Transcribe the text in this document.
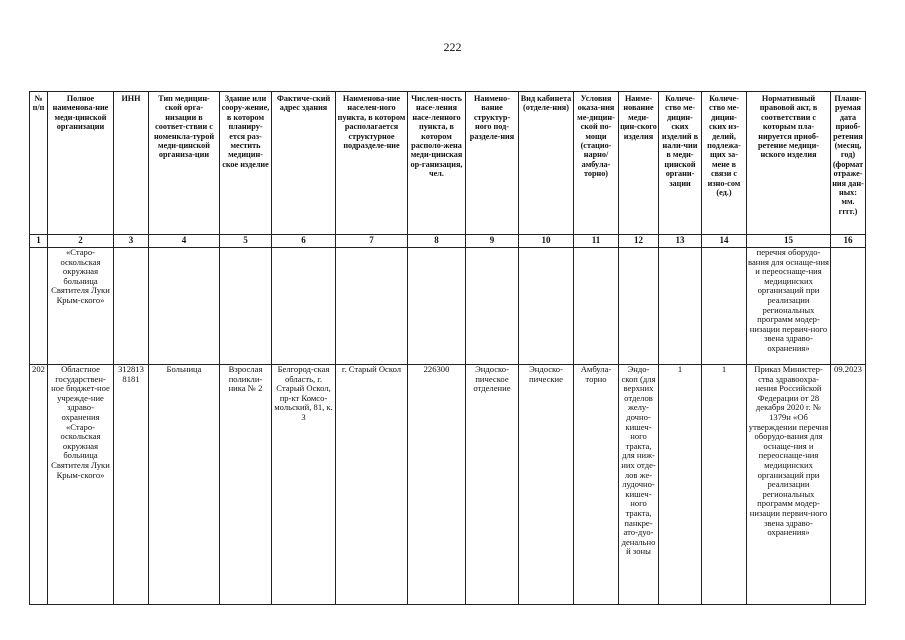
222
№ п/п	Полное наименова-ние меди-цинской организации	ИНН	Тип медицин-ской орга-низации в соответ-ствии с номенкла-турой меди-цинской организа-ции	Здание или соору-жение, в котором планиру-ется раз-местить медицин-ское изделие	Фактиче-ский адрес здания	Наименова-ние населен-ного пункта, в котором располагается структурное подразделе-ние	Числен-ность насе-ления насе-ленного пункта, в котором располо-жена меди-цинская ор-ганизация, чел.	Наимено-вание структур-ного под-разделе-ния	Вид кабинета (отделе-ния)	Условия оказа-ния ме-дицин-ской по-мощи (стацио-нарно/ амбула-торно)	Наиме-нование меди-цин-ского изделия	Количе-ство ме-дицин-ских изделий в нали-чии в меди-цинской органи-зации	Количе-ство ме-дицин-ских из-делий, подлежа-щих за-мене в связи с изно-сом (ед.)	Нормативный правовой акт, в соответствии с которым пла-нируется приоб-ретение медици-нского изделия	Плани-руемая дата приоб-ретения (месяц, год) (формат отраже-ния дан-ных: мм. гггг.)
1	2	3	4	5	6	7	8	9	10	11	12	13	14	15	16
	«Старо-оскольская окружная больница Святителя Луки Крым-ского»													перечня оборудо-вания для оснаще-ния и переоснаще-ния медицинских организаций при реализации региональных программ модер-низации первич-ного звена здраво-охранения»	
202	Областное государствен-ное бюджет-ное учрежде-ние здраво-охранения «Старо-оскольская окружная больница Святителя Луки Крым-ского»	312813 8181	Больница	Взрослая поликли-ника № 2	Белгород-ская область, г. Старый Оскол, пр-кт Комсо-мольский, 81, к. 3	г. Старый Оскол	226300	Эндоско-пическое отделение	Эндоско-пические	Амбула-торно	Эндо-скоп (для верхних отделов желу-дочно-кишеч-ного тракта, для ниж-них отде-лов же-лудочно-кишеч-ного тракта, панкре-ато-дуо-денальной зоны	1	1	Приказ Министер-ства здравоохра-нения Российской Федерации от 28 декабря 2020 г. № 1379н «Об утверждении перечня оборудо-вания для оснаще-ния и переоснаще-ния медицинских организаций при реализации региональных программ модер-низации первич-ного звена здраво-охранения»	09.2023
